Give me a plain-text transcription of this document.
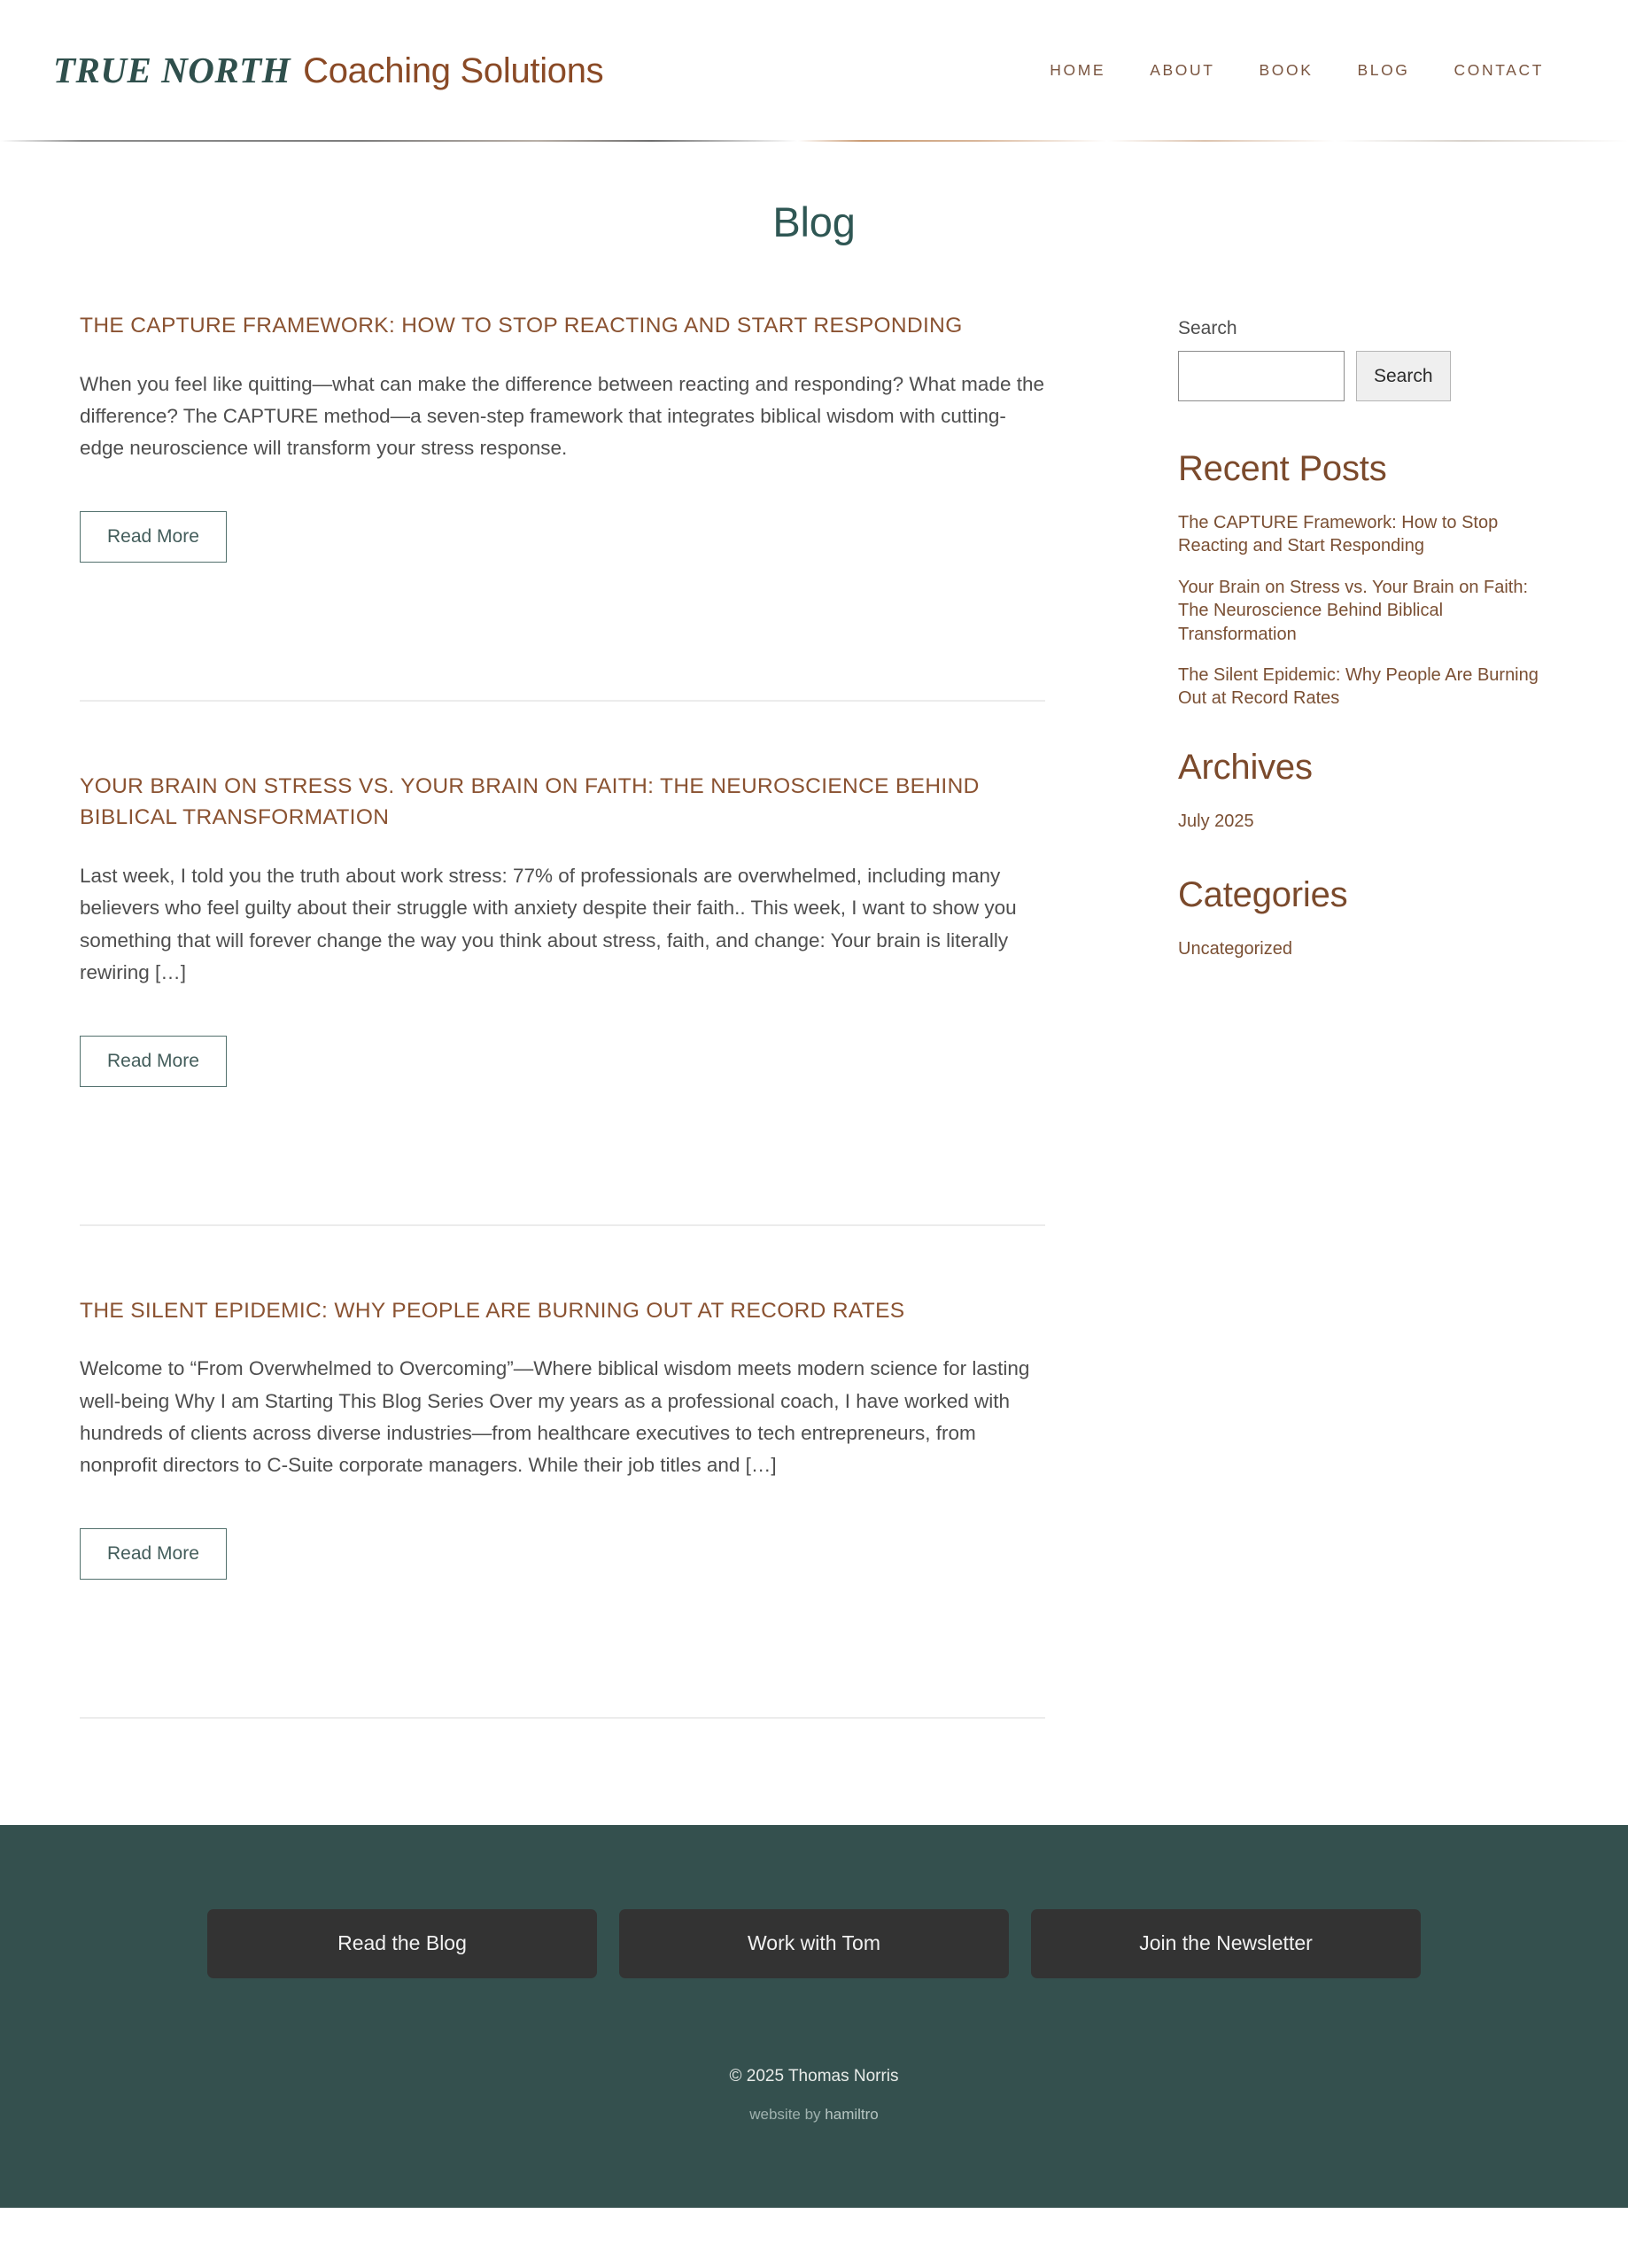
TRUE NORTH Coaching Solutions	HOME	ABOUT	BOOK	BLOG	CONTACT
Blog
THE CAPTURE FRAMEWORK: HOW TO STOP REACTING AND START RESPONDING

When you feel like quitting—what can make the difference between reacting and responding? What made the difference? The CAPTURE method—a seven-step framework that integrates biblical wisdom with cutting-edge neuroscience will transform your stress response.

Read More
YOUR BRAIN ON STRESS VS. YOUR BRAIN ON FAITH: THE NEUROSCIENCE BEHIND BIBLICAL TRANSFORMATION

Last week, I told you the truth about work stress: 77% of professionals are overwhelmed, including many believers who feel guilty about their struggle with anxiety despite their faith.. This week, I want to show you something that will forever change the way you think about stress, faith, and change: Your brain is literally rewiring […]

Read More
THE SILENT EPIDEMIC: WHY PEOPLE ARE BURNING OUT AT RECORD RATES

Welcome to “From Overwhelmed to Overcoming”—Where biblical wisdom meets modern science for lasting well-being Why I am Starting This Blog Series Over my years as a professional coach, I have worked with hundreds of clients across diverse industries—from healthcare executives to tech entrepreneurs, from nonprofit directors to C-Suite corporate managers. While their job titles and […]

Read More
Search
Search
Recent Posts
The CAPTURE Framework: How to Stop Reacting and Start Responding
Your Brain on Stress vs. Your Brain on Faith: The Neuroscience Behind Biblical Transformation
The Silent Epidemic: Why People Are Burning Out at Record Rates
Archives
July 2025
Categories
Uncategorized
Read the Blog	Work with Tom	Join the Newsletter
© 2025 Thomas Norris
website by hamiltro
